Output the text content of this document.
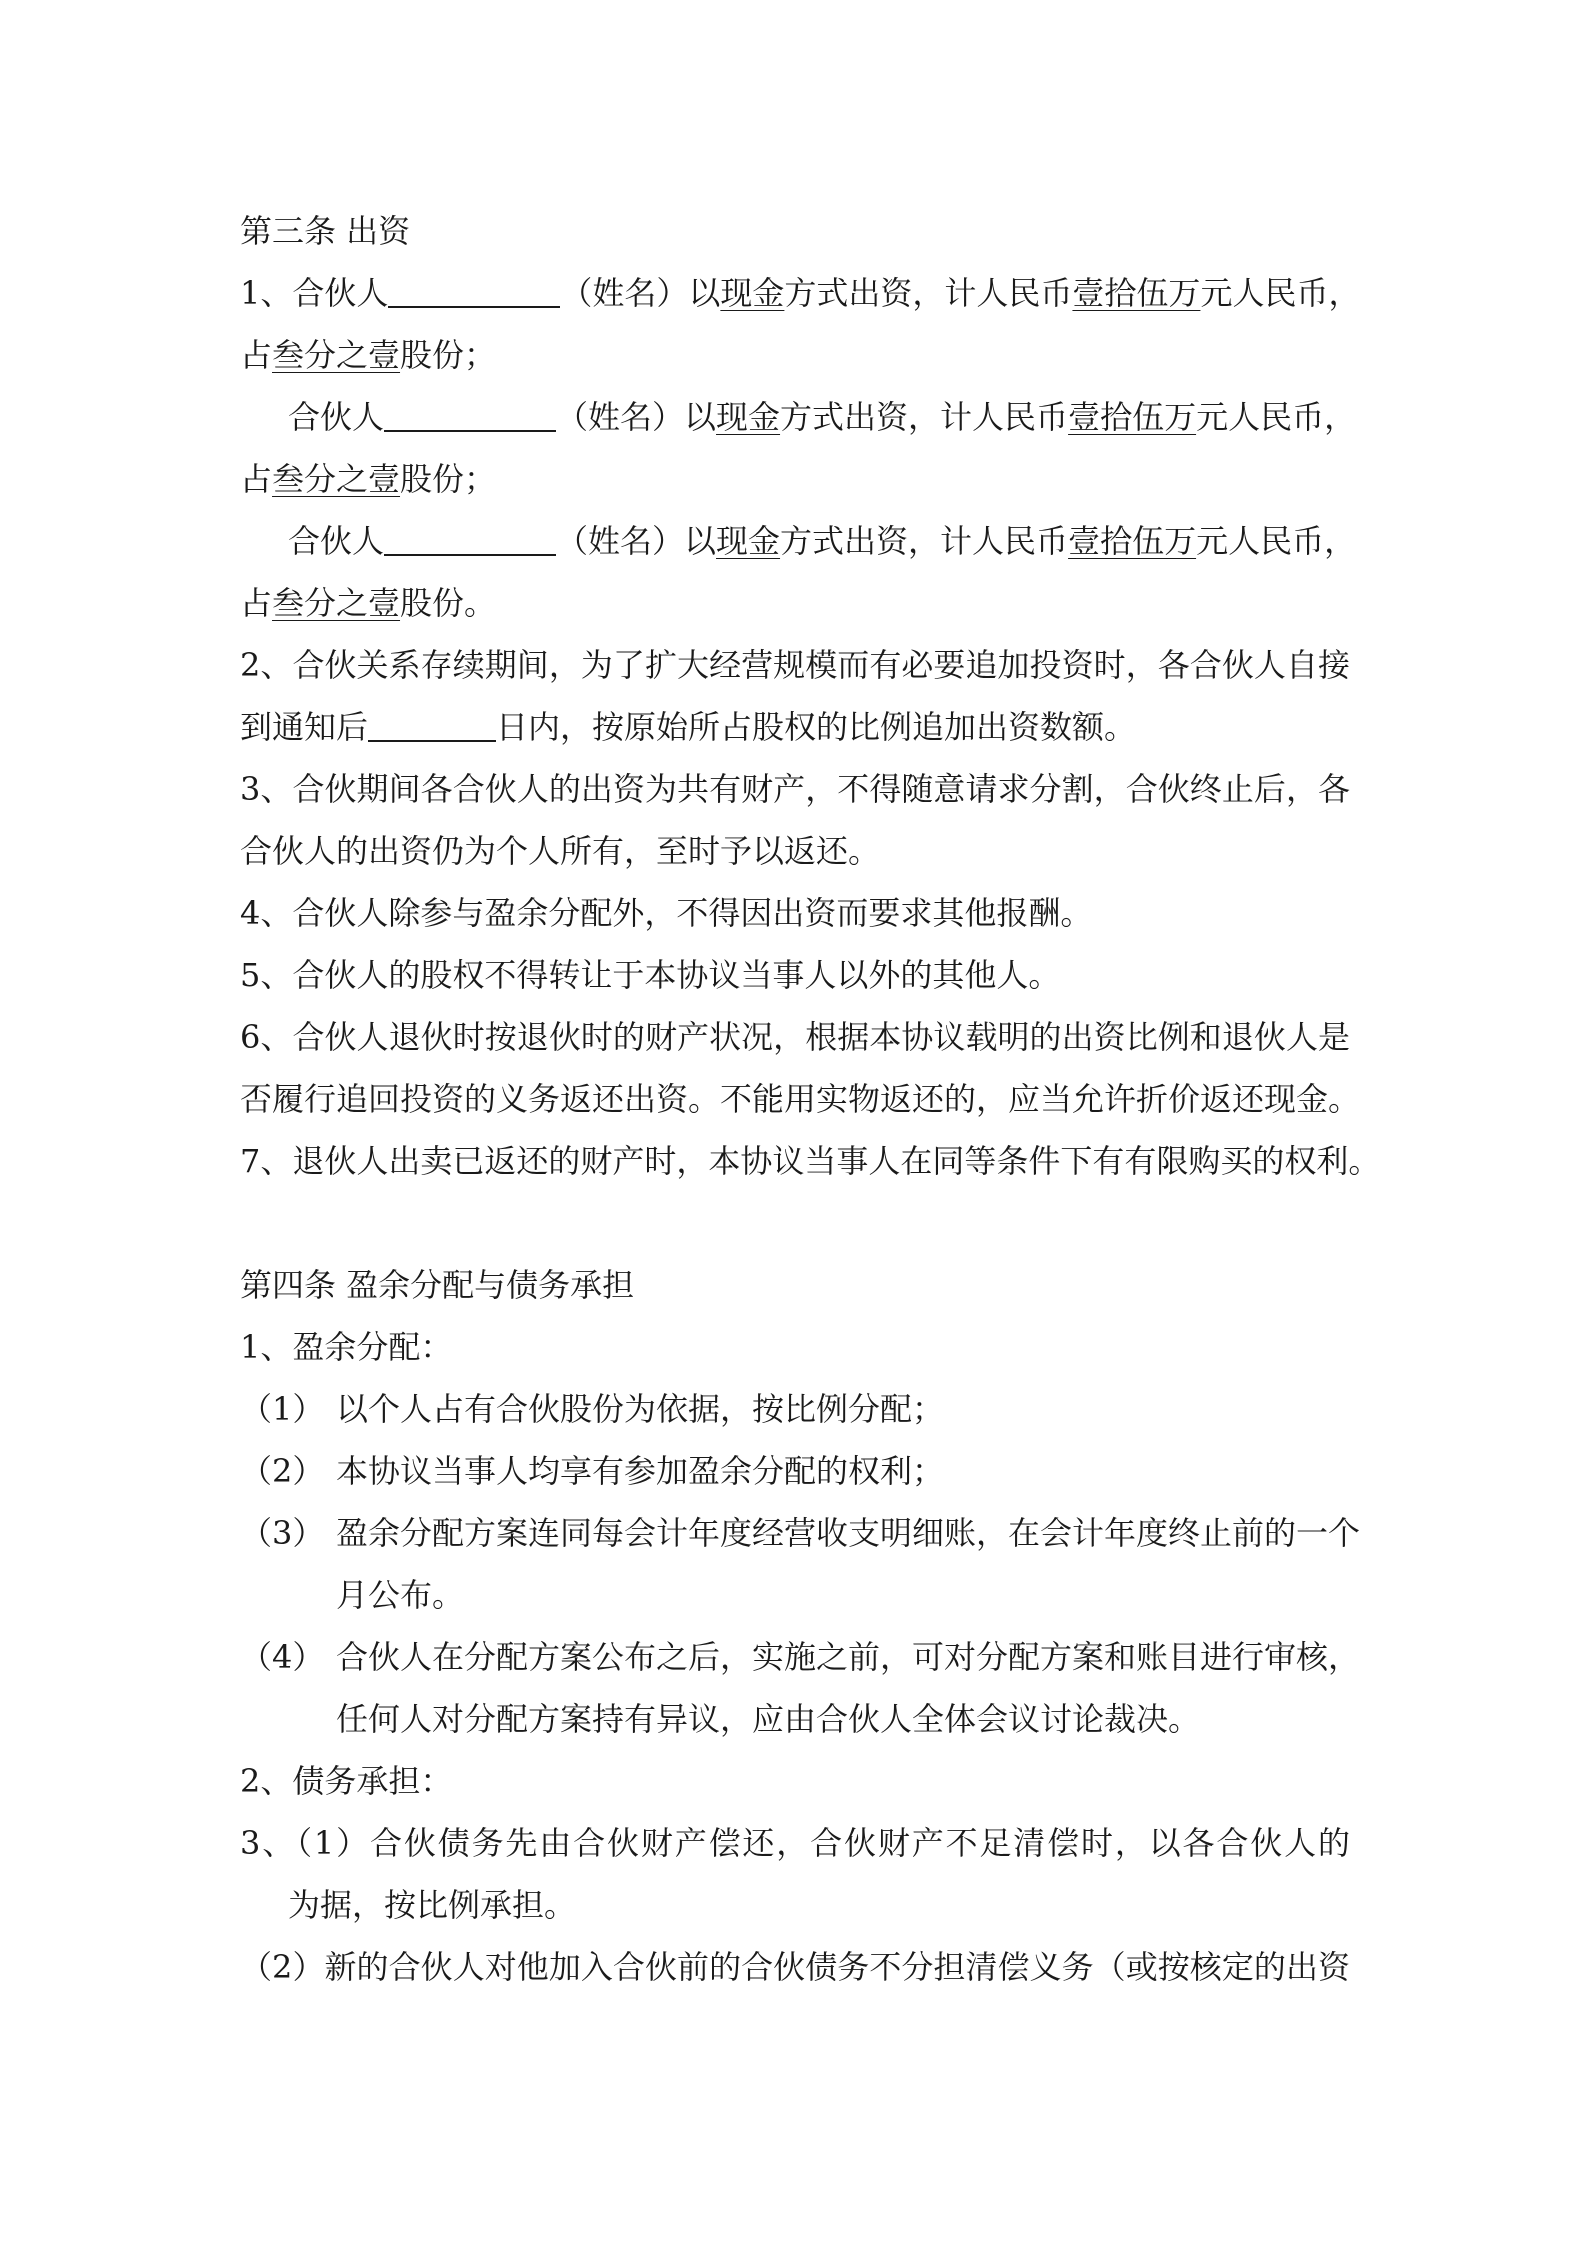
第三条 出资
1、合伙人	（姓名）以现金方式出资，计人民币壹拾伍万元人民币，
占叁分之壹股份；
合伙人	（姓名）以现金方式出资，计人民币壹拾伍万元人民币，
占叁分之壹股份；
合伙人	（姓名）以现金方式出资，计人民币壹拾伍万元人民币，
占叁分之壹股份。
2、合伙关系存续期间，为了扩大经营规模而有必要追加投资时，各合伙人自接
到通知后	日内，按原始所占股权的比例追加出资数额。
3、合伙期间各合伙人的出资为共有财产，不得随意请求分割，合伙终止后，各
合伙人的出资仍为个人所有，至时予以返还。
4、合伙人除参与盈余分配外，不得因出资而要求其他报酬。
5、合伙人的股权不得转让于本协议当事人以外的其他人。
6、合伙人退伙时按退伙时的财产状况，根据本协议载明的出资比例和退伙人是
否履行追回投资的义务返还出资。不能用实物返还的，应当允许折价返还现金。
7、退伙人出卖已返还的财产时，本协议当事人在同等条件下有有限购买的权利。
第四条 盈余分配与债务承担
1、盈余分配：
（1） 以个人占有合伙股份为依据，按比例分配；
（2） 本协议当事人均享有参加盈余分配的权利；
（3） 盈余分配方案连同每会计年度经营收支明细账，在会计年度终止前的一个
月公布。
（4） 合伙人在分配方案公布之后，实施之前，可对分配方案和账目进行审核，
任何人对分配方案持有异议，应由合伙人全体会议讨论裁决。
2、债务承担：
3、（1）合伙债务先由合伙财产偿还，合伙财产不足清偿时，以各合伙人的
为据，按比例承担。
（2）新的合伙人对他加入合伙前的合伙债务不分担清偿义务（或按核定的出资
